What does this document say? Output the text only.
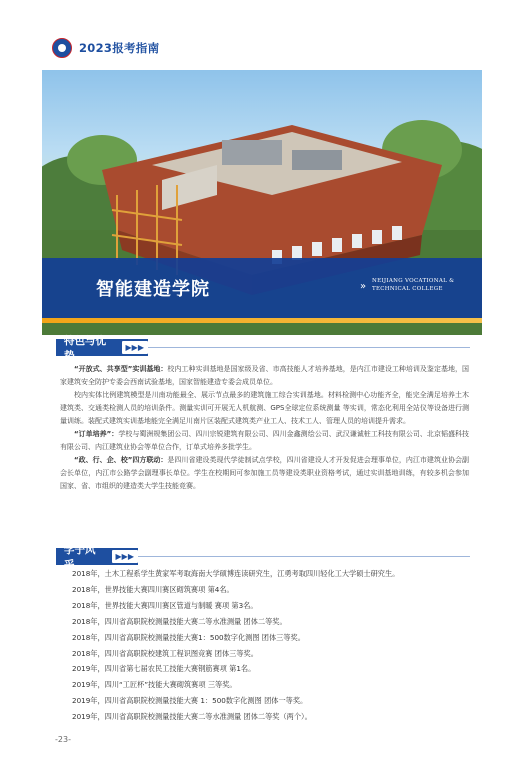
2023报考指南
智能建造学院	» NEIJIANG VOCATIONAL &
TECHNICAL COLLEGE
特色与优势
▶▶▶
“开放式、共享型”实训基地：校内工种实训基地是国家级及省、市高技能人才培养基地，是内江市建设工种培训及鉴定基地，国家建筑安全防护专委会西南试验基地，国家智能建造专委会成员单位。
校内实体比例建筑模型是川南功能最全、展示节点最多的建筑施工综合实训基地。材料检测中心功能齐全，能完全满足培养土木建筑类、交通类检测人员的培训条件。测量实训可开展无人机航测、GPS全球定位系统测量 等实训，常态化利用全站仪等设备进行测量训练。装配式建筑实训基地能完全满足川南片区装配式建筑类产业工人、技术工人、管理人员的培训提升需求。
“订单培养”：学校与蜀洲规集团公司、四川宗锐建筑有限公司、四川金鑫测绘公司、武汉谦诚桩工科技有限公司、北京韬盛科技有限公司、内江建筑业协会等单位合作，订单式培养多批学生。
“政、行、企、校”四方联动：是四川省建设类现代学徒制试点学校，四川省建设人才开发促进会理事单位，内江市建筑业协会副会长单位，内江市公路学会副理事长单位。学生在校期间可参加施工员等建设类职业资格考试，通过实训基地训练，有较多机会参加国家、省、市组织的建造类大学生技能竞赛。
学子风采
▶▶▶
2018年，土木工程系学生黄家军考取海南大学硕博连读研究生，江勇考取四川轻化工大学硕士研究生。
2018年，世界技能大赛四川赛区砌筑赛项 第4名。
2018年，世界技能大赛四川赛区管道与制暖 赛项 第3名。
2018年，四川省高职院校测量技能大赛二等水准测量 团体二等奖。
2018年，四川省高职院校测量技能大赛1：500数字化测图 团体三等奖。
2018年，四川省高职院校建筑工程识图竞赛 团体三等奖。
2019年，四川省第七届农民工技能大赛钢筋赛项 第1名。
2019年，四川“工匠杯”技能大赛砌筑赛项 三等奖。
2019年，四川省高职院校测量技能大赛 1：500数字化测图 团体一等奖。
2019年，四川省高职院校测量技能大赛二等水准测量 团体二等奖（两个）。
-23-
